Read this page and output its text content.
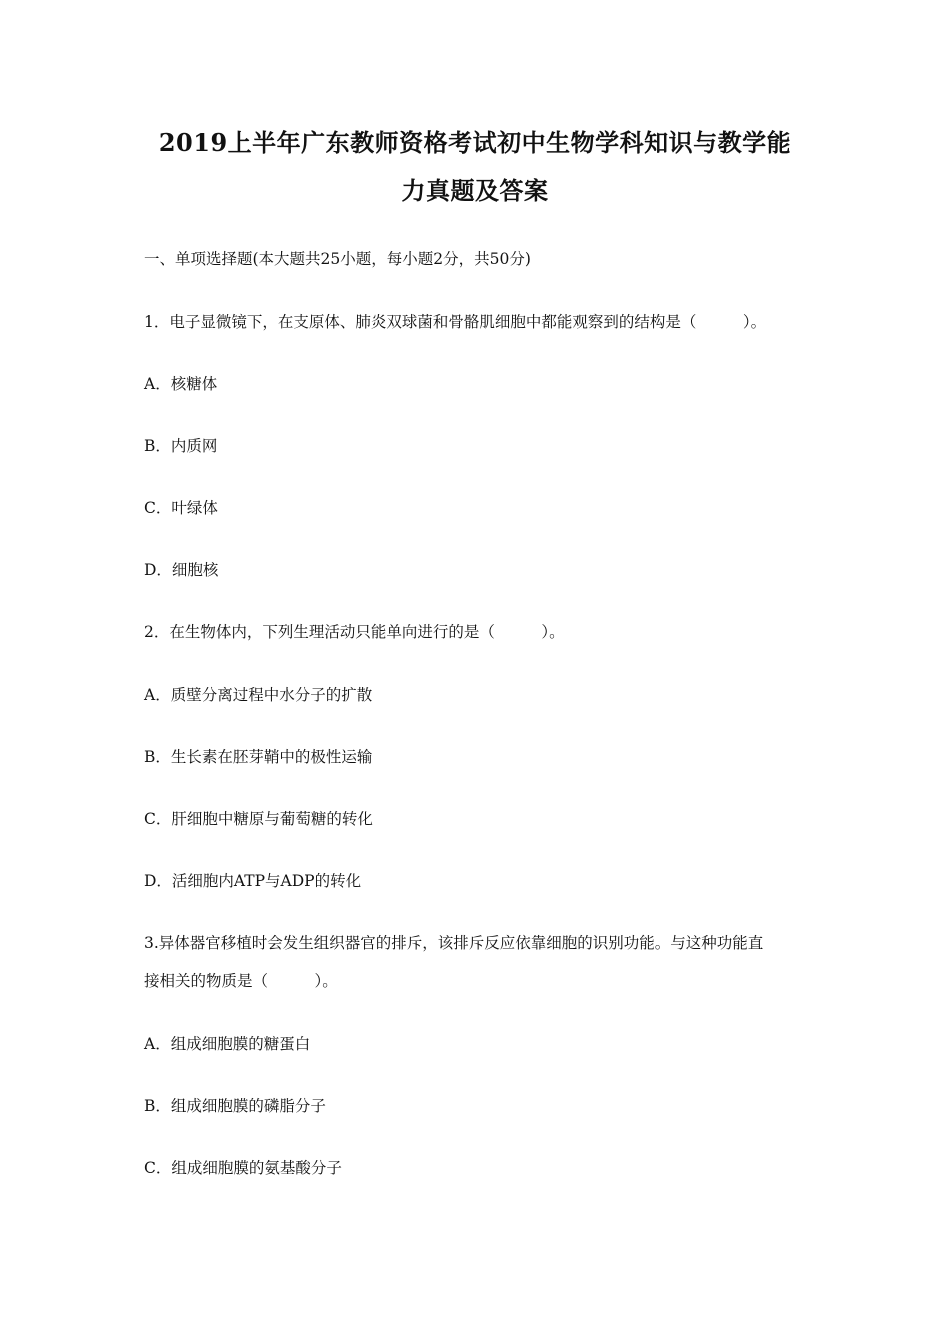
2019上半年广东教师资格考试初中生物学科知识与教学能
力真题及答案
一、单项选择题(本大题共25小题，每小题2分，共50分)
1．电子显微镜下，在支原体、肺炎双球菌和骨骼肌细胞中都能观察到的结构是（　　　）。
A．核糖体
B．内质网
C．叶绿体
D．细胞核
2．在生物体内，下列生理活动只能单向进行的是（　　　）。
A．质壁分离过程中水分子的扩散
B．生长素在胚芽鞘中的极性运输
C．肝细胞中糖原与葡萄糖的转化
D．活细胞内ATP与ADP的转化
3.异体器官移植时会发生组织器官的排斥，该排斥反应依靠细胞的识别功能。与这种功能直
接相关的物质是（　　　）。
A．组成细胞膜的糖蛋白
B．组成细胞膜的磷脂分子
C．组成细胞膜的氨基酸分子
